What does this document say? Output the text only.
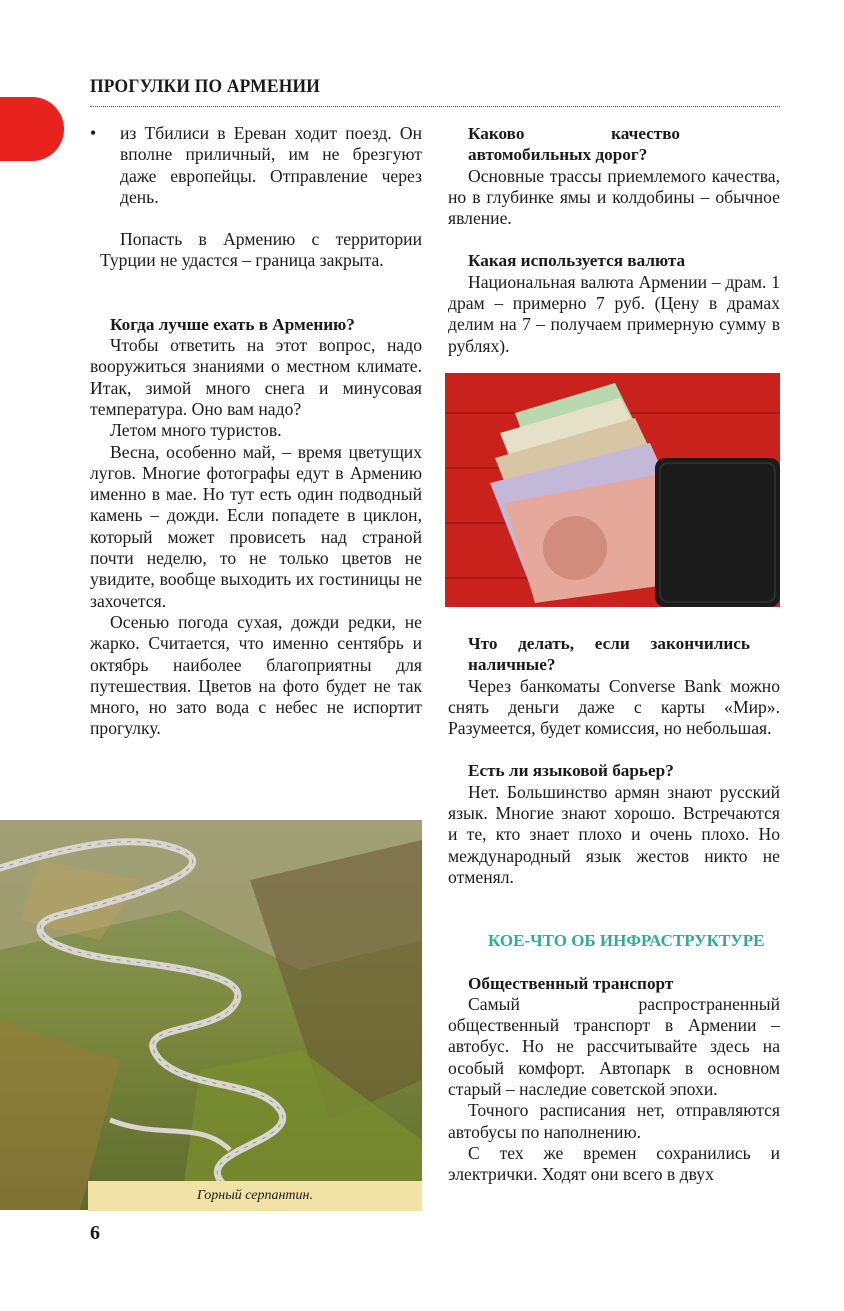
ПРОГУЛКИ ПО АРМЕНИИ

• из Тбилиси в Ереван ходит поезд. Он вполне приличный, им не брезгуют даже европейцы. Отправление через день.

Попасть в Армению с территории Турции не удастся – граница закрыта.

Когда лучше ехать в Армению?

Чтобы ответить на этот вопрос, надо вооружиться знаниями о местном климате. Итак, зимой много снега и минусовая температура. Оно вам надо?

Летом много туристов.

Весна, особенно май, – время цветущих лугов. Многие фотографы едут в Армению именно в мае. Но тут есть один подводный камень – дожди. Если попадете в циклон, который может провисеть над страной почти неделю, то не только цветов не увидите, вообще выходить их гостиницы не захочется.

Осенью погода сухая, дожди редки, не жарко. Считается, что именно сентябрь и октябрь наиболее благоприятны для путешествия. Цветов на фото будет не так много, но зато вода с небес не испортит прогулку.

Горный серпантин.
Каково качество автомобильных дорог?

Основные трассы приемлемого качества, но в глубинке ямы и колдобины – обычное явление.

Какая используется валюта

Национальная валюта Армении – драм. 1 драм – примерно 7 руб. (Цену в драмах делим на 7 – получаем примерную сумму в рублях).

Что делать, если закончились наличные?

Через банкоматы Converse Bank можно снять деньги даже с карты «Мир». Разумеется, будет комиссия, но небольшая.

Есть ли языковой барьер?

Нет. Большинство армян знают русский язык. Многие знают хорошо. Встречаются и те, кто знает плохо и очень плохо. Но международный язык жестов никто не отменял.

КОЕ-ЧТО ОБ ИНФРАСТРУКТУРЕ

Общественный транспорт

Самый распространенный общественный транспорт в Армении – автобус. Но не рассчитывайте здесь на особый комфорт. Автопарк в основном старый – наследие советской эпохи.

Точного расписания нет, отправляются автобусы по наполнению.

С тех же времен сохранились и электрички. Ходят они всего в двух

6
